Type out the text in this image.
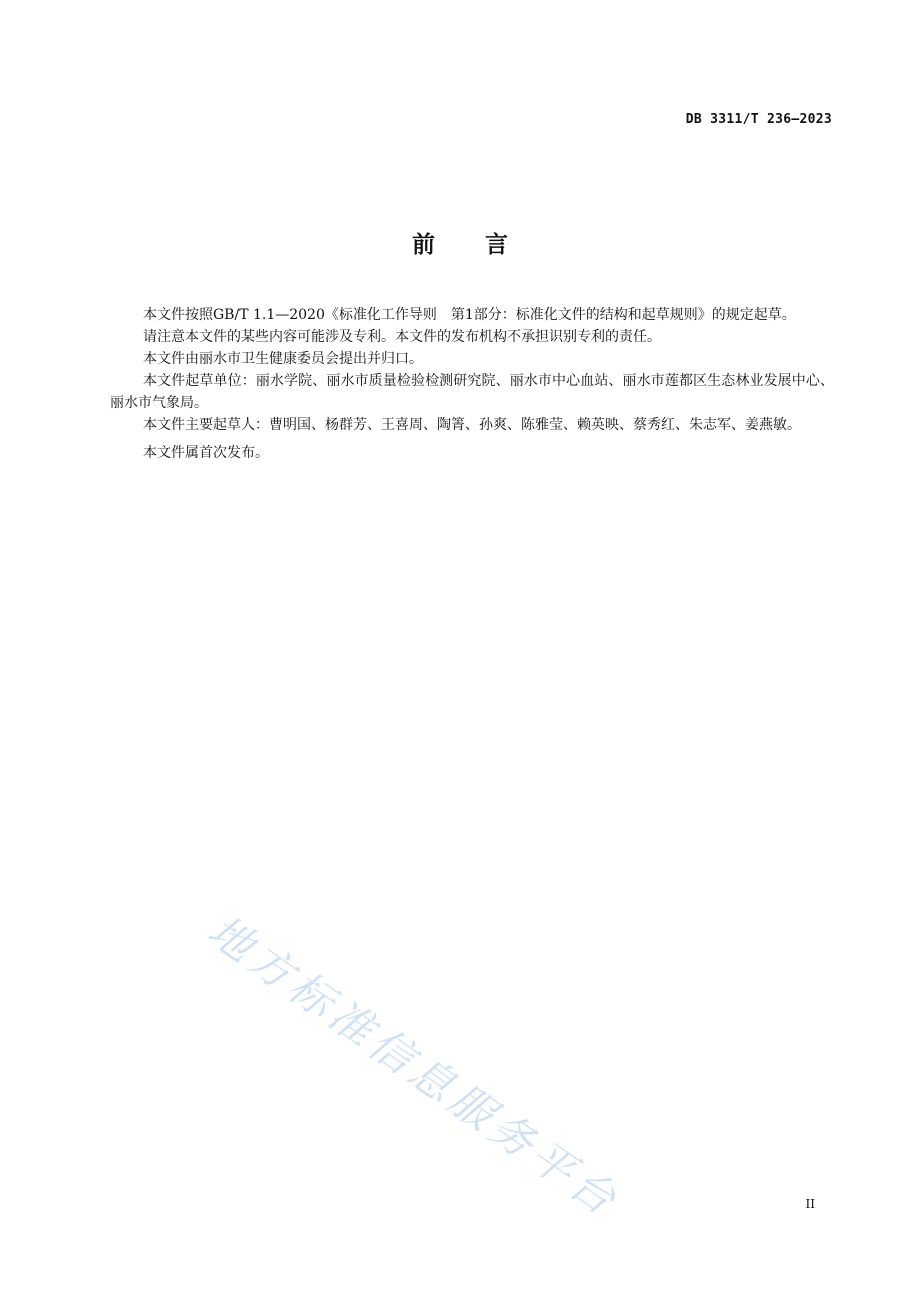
DB 3311/T 236—2023
前言

本文件按照GB/T 1.1—2020《标准化工作导则　第1部分：标准化文件的结构和起草规则》的规定起草。

请注意本文件的某些内容可能涉及专利。本文件的发布机构不承担识别专利的责任。

本文件由丽水市卫生健康委员会提出并归口。

本文件起草单位：丽水学院、丽水市质量检验检测研究院、丽水市中心血站、丽水市莲都区生态林业发展中心、丽水市气象局。

本文件主要起草人：曹明国、杨群芳、王喜周、陶箐、孙爽、陈雅莹、赖英映、蔡秀红、朱志军、姜燕敏。

本文件属首次发布。

地方标准信息服务平台	II
